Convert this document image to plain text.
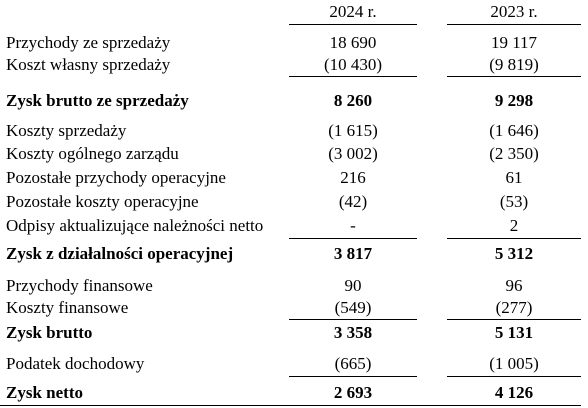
2024 r.	2023 r.
Przychody ze sprzedaży	18 690	19 117
Koszt własny sprzedaży	(10 430)	(9 819)
Zysk brutto ze sprzedaży	8 260	9 298
Koszty sprzedaży	(1 615)	(1 646)
Koszty ogólnego zarządu	(3 002)	(2 350)
Pozostałe przychody operacyjne	216	61
Pozostałe koszty operacyjne	(42)	(53)
Odpisy aktualizujące należności netto	-	2
Zysk z działalności operacyjnej	3 817	5 312
Przychody finansowe	90	96
Koszty finansowe	(549)	(277)
Zysk brutto	3 358	5 131
Podatek dochodowy	(665)	(1 005)
Zysk netto	2 693	4 126
